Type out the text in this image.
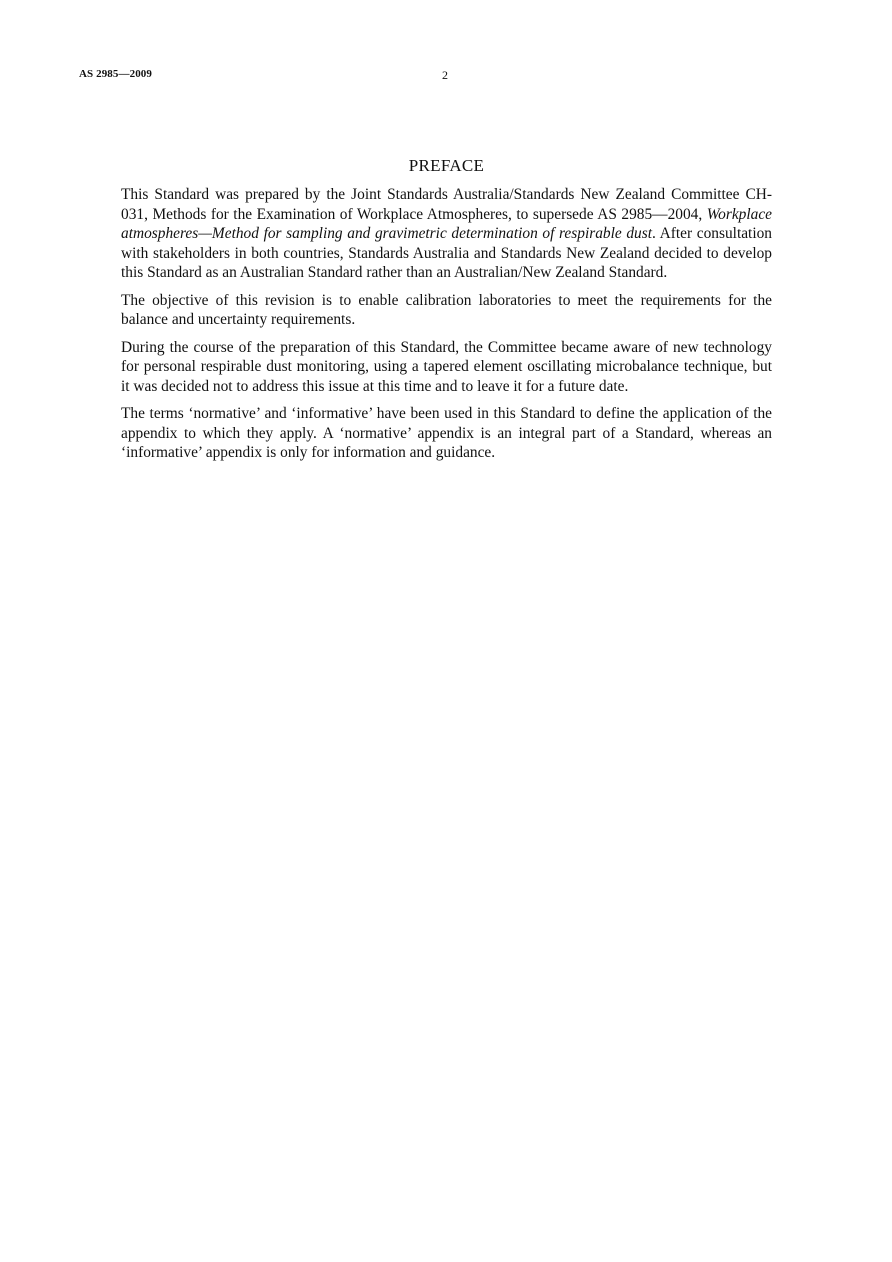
AS 2985—2009	2
PREFACE

This Standard was prepared by the Joint Standards Australia/Standards New Zealand Committee CH-031, Methods for the Examination of Workplace Atmospheres, to supersede AS 2985—2004, Workplace atmospheres—Method for sampling and gravimetric determination of respirable dust. After consultation with stakeholders in both countries, Standards Australia and Standards New Zealand decided to develop this Standard as an Australian Standard rather than an Australian/New Zealand Standard.

The objective of this revision is to enable calibration laboratories to meet the requirements for the balance and uncertainty requirements.

During the course of the preparation of this Standard, the Committee became aware of new technology for personal respirable dust monitoring, using a tapered element oscillating microbalance technique, but it was decided not to address this issue at this time and to leave it for a future date.

The terms ‘normative’ and ‘informative’ have been used in this Standard to define the application of the appendix to which they apply. A ‘normative’ appendix is an integral part of a Standard, whereas an ‘informative’ appendix is only for information and guidance.
